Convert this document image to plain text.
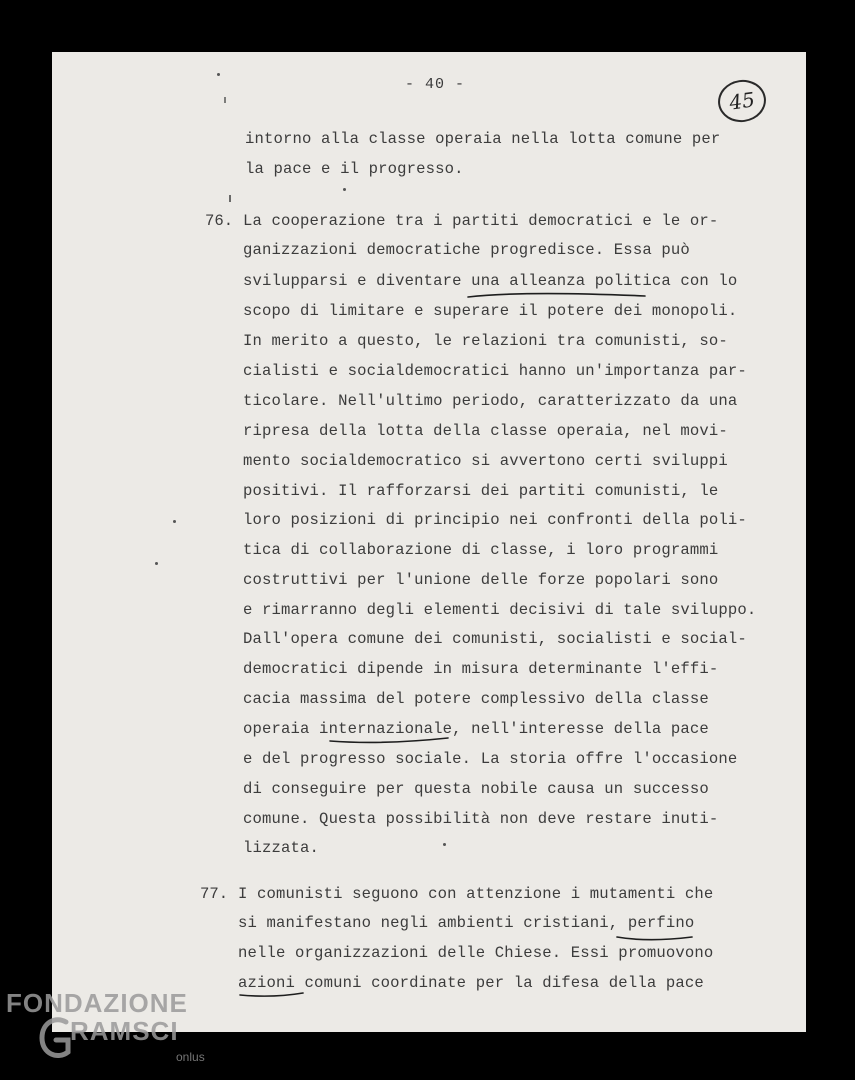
- 40 -
45
intorno alla classe operaia nella lotta comune per
la pace e il progresso.
76. La cooperazione tra i partiti democratici e le or-
ganizzazioni democratiche progredisce. Essa può
svilupparsi e diventare una alleanza politica con lo
scopo di limitare e superare il potere dei monopoli.
In merito a questo, le relazioni tra comunisti, so-
cialisti e socialdemocratici hanno un'importanza par-
ticolare. Nell'ultimo periodo, caratterizzato da una
ripresa della lotta della classe operaia, nel movi-
mento socialdemocratico si avvertono certi sviluppi
positivi. Il rafforzarsi dei partiti comunisti, le
loro posizioni di principio nei confronti della poli-
tica di collaborazione di classe, i loro programmi
costruttivi per l'unione delle forze popolari sono
e rimarranno degli elementi decisivi di tale sviluppo.
Dall'opera comune dei comunisti, socialisti e social-
democratici dipende in misura determinante l'effi-
cacia massima del potere complessivo della classe
operaia internazionale, nell'interesse della pace
e del progresso sociale. La storia offre l'occasione
di conseguire per questa nobile causa un successo
comune. Questa possibilità non deve restare inuti-
lizzata.
77. I comunisti seguono con attenzione i mutamenti che
si manifestano negli ambienti cristiani, perfino
nelle organizzazioni delle Chiese. Essi promuovono
azioni comuni coordinate per la difesa della pace
FONDAZIONE
RAMSCI
onlus
